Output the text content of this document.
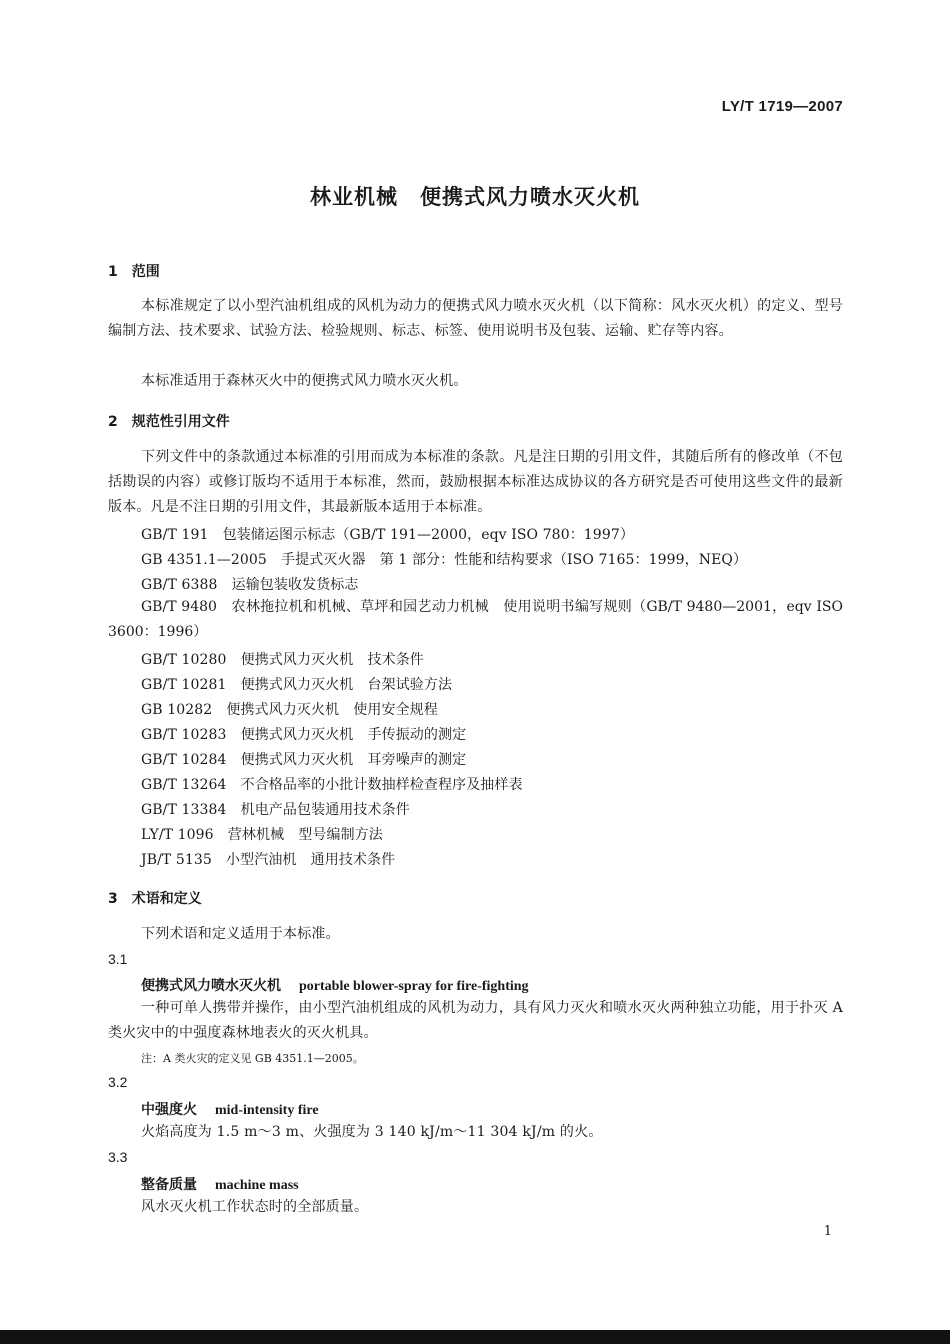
LY/T 1719—2007
林业机械　便携式风力喷水灭火机
1　范围

本标准规定了以小型汽油机组成的风机为动力的便携式风力喷水灭火机（以下简称：风水灭火机）的定义、型号编制方法、技术要求、试验方法、检验规则、标志、标签、使用说明书及包装、运输、贮存等内容。

本标准适用于森林灭火中的便携式风力喷水灭火机。

2　规范性引用文件

下列文件中的条款通过本标准的引用而成为本标准的条款。凡是注日期的引用文件，其随后所有的修改单（不包括勘误的内容）或修订版均不适用于本标准，然而，鼓励根据本标准达成协议的各方研究是否可使用这些文件的最新版本。凡是不注日期的引用文件，其最新版本适用于本标准。

GB/T 191　包装储运图示标志（GB/T 191—2000，eqv ISO 780：1997）
GB 4351.1—2005　手提式灭火器　第 1 部分：性能和结构要求（ISO 7165：1999，NEQ）
GB/T 6388　运输包装收发货标志

GB/T 9480　农林拖拉机和机械、草坪和园艺动力机械　使用说明书编写规则（GB/T 9480—2001，eqv ISO 3600：1996）

GB/T 10280　便携式风力灭火机　技术条件
GB/T 10281　便携式风力灭火机　台架试验方法
GB 10282　便携式风力灭火机　使用安全规程
GB/T 10283　便携式风力灭火机　手传振动的测定
GB/T 10284　便携式风力灭火机　耳旁噪声的测定
GB/T 13264　不合格品率的小批计数抽样检查程序及抽样表
GB/T 13384　机电产品包装通用技术条件
LY/T 1096　营林机械　型号编制方法
JB/T 5135　小型汽油机　通用技术条件
3　术语和定义

下列术语和定义适用于本标准。

3.1
便携式风力喷水灭火机 portable blower-spray for fire-fighting

一种可单人携带并操作，由小型汽油机组成的风机为动力，具有风力灭火和喷水灭火两种独立功能，用于扑灭 A 类火灾中的中强度森林地表火的灭火机具。

注：A 类火灾的定义见 GB 4351.1—2005。
3.2
中强度火 mid-intensity fire

火焰高度为 1.5 m～3 m、火强度为 3 140 kJ/m～11 304 kJ/m 的火。

3.3
整备质量 machine mass

风水灭火机工作状态时的全部质量。

1
